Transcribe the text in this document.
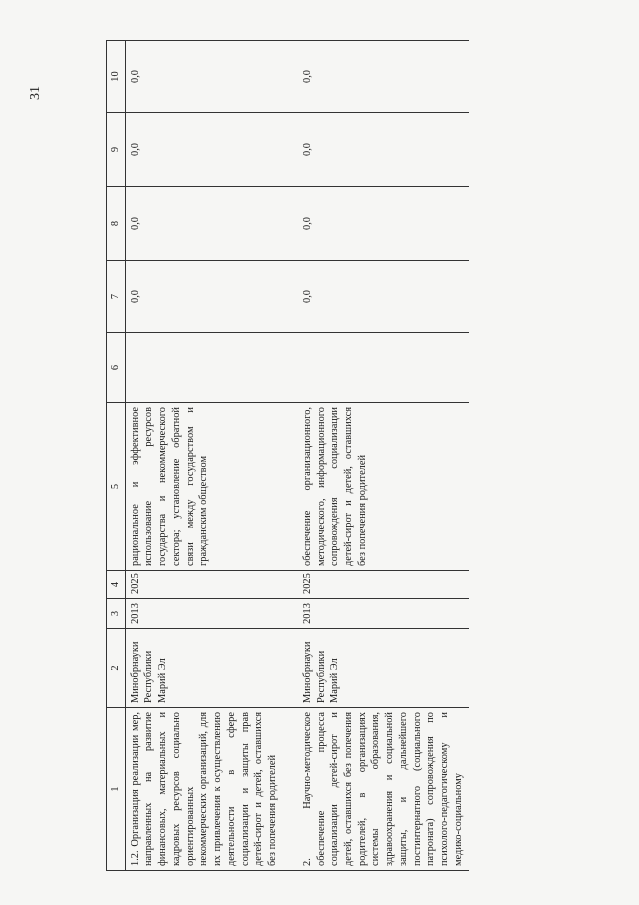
31
1	2	3	4	5	6	7	8	9	10
1.2. Организация реализации мер, направленных на развитие финансовых, материальных и кадровых ресурсов социально ориентированных некоммерческих организаций, для их привлечения к осуществлению деятельности в сфере социализации и защиты прав детей-сирот и детей, оставшихся без попечения родителей	Минобрнауки Республики Марий Эл	2013	2025	рациональное и эффективное использование ресурсов государства и некоммерческого сектора; установление обратной связи между государством и гражданским обществом		0,0	0,0	0,0	0,0
2. Научно-методическое обеспечение процесса социализации детей-сирот и детей, оставшихся без попечения родителей, в организациях системы образования, здравоохранения и социальной защиты, и дальнейшего постинтернатного (социального патроната) сопровождения по психолого-педагогическому и медико-социальному	Минобрнауки Республики Марий Эл	2013	2025	обеспечение организационного, методического, информационного сопровождения социализации детей-сирот и детей, оставшихся без попечения родителей		0,0	0,0	0,0	0,0
